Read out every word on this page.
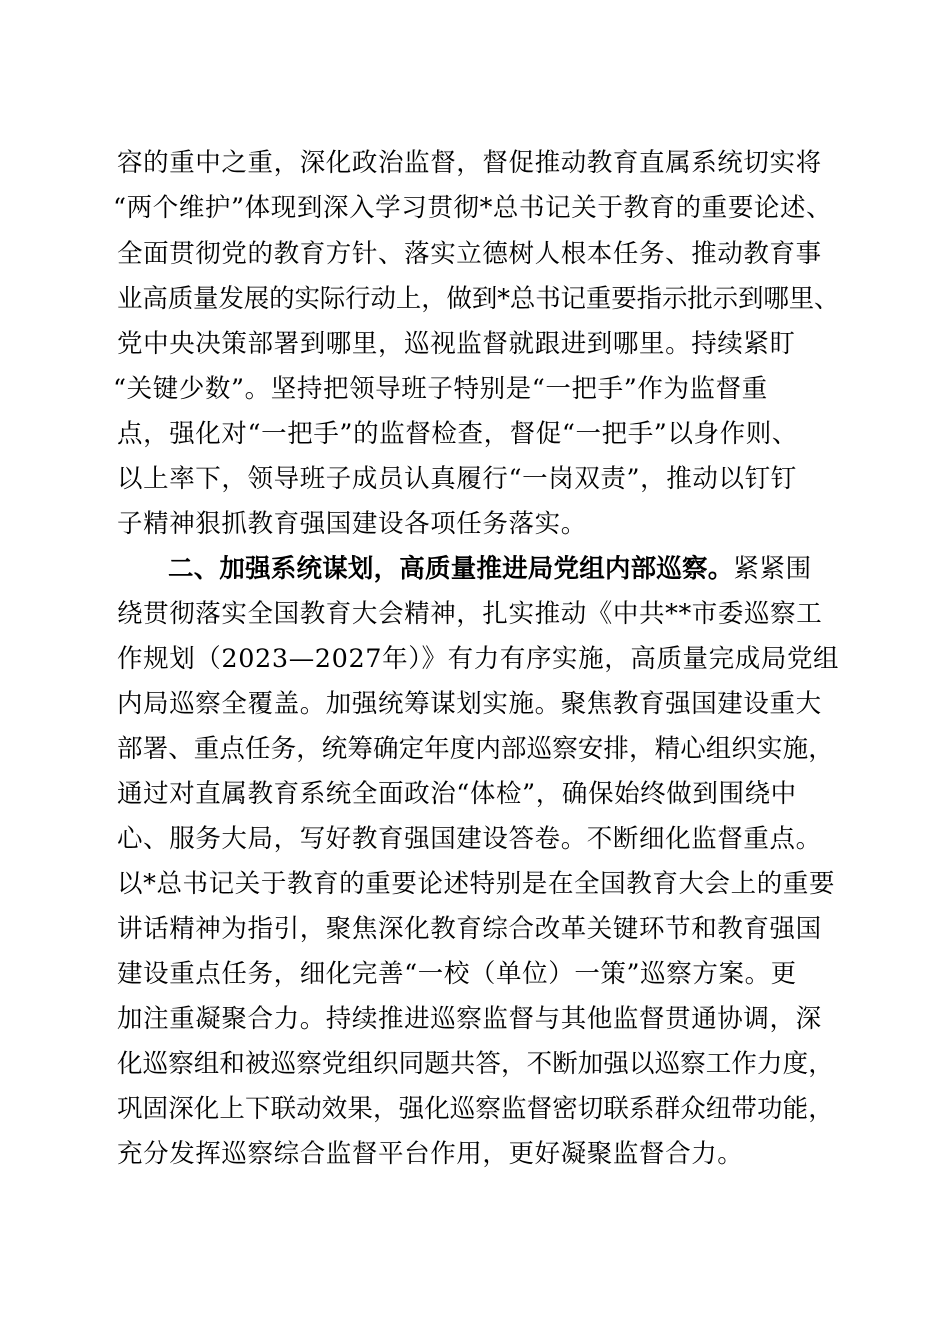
容的重中之重，深化政治监督，督促推动教育直属系统切实将
“两个维护”体现到深入学习贯彻*总书记关于教育的重要论述、
全面贯彻党的教育方针、落实立德树人根本任务、推动教育事
业高质量发展的实际行动上，做到*总书记重要指示批示到哪里、
党中央决策部署到哪里，巡视监督就跟进到哪里。持续紧盯
“关键少数”。坚持把领导班子特别是“一把手”作为监督重
点，强化对“一把手”的监督检查，督促“一把手”以身作则、
以上率下，领导班子成员认真履行“一岗双责”，推动以钉钉
子精神狠抓教育强国建设各项任务落实。
二、加强系统谋划，高质量推进局党组内部巡察。紧紧围
绕贯彻落实全国教育大会精神，扎实推动《中共**市委巡察工
作规划（2023—2027年）》有力有序实施，高质量完成局党组
内局巡察全覆盖。加强统筹谋划实施。聚焦教育强国建设重大
部署、重点任务，统筹确定年度内部巡察安排，精心组织实施，
通过对直属教育系统全面政治“体检”，确保始终做到围绕中
心、服务大局，写好教育强国建设答卷。不断细化监督重点。
以*总书记关于教育的重要论述特别是在全国教育大会上的重要
讲话精神为指引，聚焦深化教育综合改革关键环节和教育强国
建设重点任务，细化完善“一校（单位）一策”巡察方案。更
加注重凝聚合力。持续推进巡察监督与其他监督贯通协调，深
化巡察组和被巡察党组织同题共答，不断加强以巡察工作力度，
巩固深化上下联动效果，强化巡察监督密切联系群众纽带功能，
充分发挥巡察综合监督平台作用，更好凝聚监督合力。
